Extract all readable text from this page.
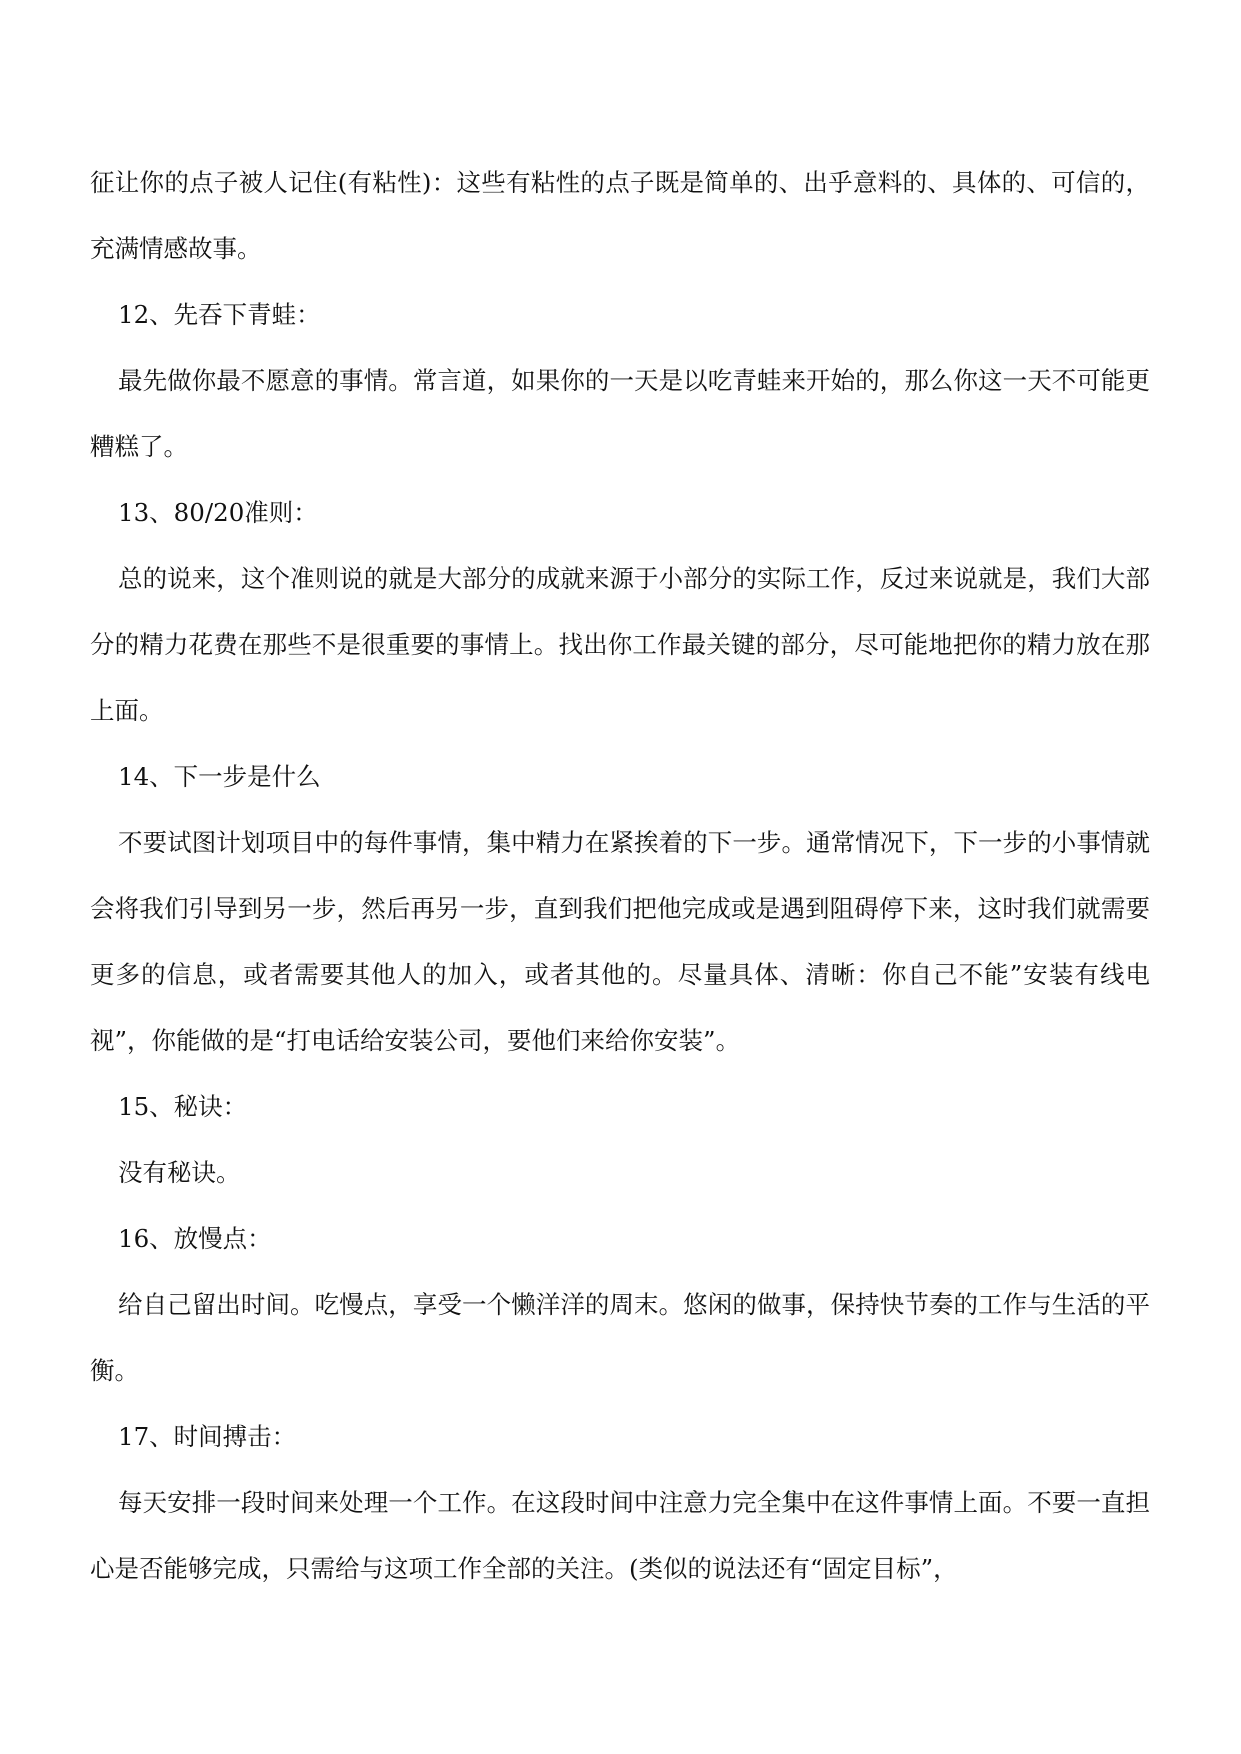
征让你的点子被人记住(有粘性)：这些有粘性的点子既是简单的、出乎意料的、具体的、可信的，充满情感故事。

12、先吞下青蛙：

最先做你最不愿意的事情。常言道，如果你的一天是以吃青蛙来开始的，那么你这一天不可能更糟糕了。

13、80/20准则：

总的说来，这个准则说的就是大部分的成就来源于小部分的实际工作，反过来说就是，我们大部分的精力花费在那些不是很重要的事情上。找出你工作最关键的部分，尽可能地把你的精力放在那上面。

14、下一步是什么

不要试图计划项目中的每件事情，集中精力在紧挨着的下一步。通常情况下，下一步的小事情就会将我们引导到另一步，然后再另一步，直到我们把他完成或是遇到阻碍停下来，这时我们就需要更多的信息，或者需要其他人的加入，或者其他的。尽量具体、清晰：你自己不能”安装有线电视”，你能做的是“打电话给安装公司，要他们来给你安装”。

15、秘诀：

没有秘诀。

16、放慢点：

给自己留出时间。吃慢点，享受一个懒洋洋的周末。悠闲的做事，保持快节奏的工作与生活的平衡。

17、时间搏击：

每天安排一段时间来处理一个工作。在这段时间中注意力完全集中在这件事情上面。不要一直担心是否能够完成，只需给与这项工作全部的关注。(类似的说法还有“固定目标”，
